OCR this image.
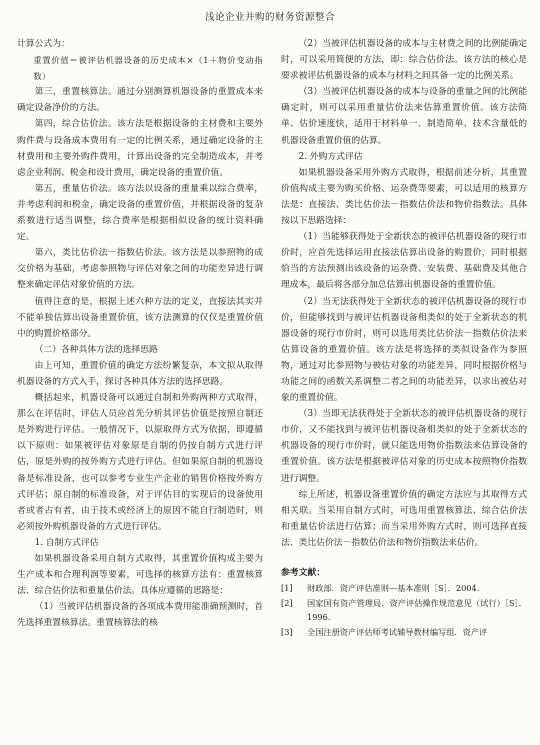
浅论企业并购的财务资源整合

计算公式为：

重置价值＝被评估机器设备的历史成本×（1＋物价变动指数）

第三，重置核算法。通过分别测算机器设备的重置成本来确定设备净价的方法。

第四，综合估价法。该方法是根据设备的主材费和主要外购件费与设备成本费用有一定的比例关系，通过确定设备的主材费用和主要外购件费用，计算出设备的完全制造成本，并考虑企业利润、税金和设计费用，确定设备的重置价值。

第五，重量估价法。该方法以设备的重量乘以综合费率，并考虑利润和税金，确定设备的重置价值，并根据设备的复杂系数进行适当调整，综合费率是根据相似设备的统计资料确定。

第六，类比估价法－指数估价法。该方法是以参照物的成交价格为基础，考虑参照物与评估对象之间的功能差异进行调整来确定评估对象价值的方法。

值得注意的是，根据上述六种方法的定义，直接法其实并不能单独估算出设备重置价值，该方法测算的仅仅是重置价值中的购置价格部分。

（二）各种具体方法的选择思路

由上可知，重置价值的确定方法纷繁复杂，本文拟从取得机器设备的方式入手，探讨各种具体方法的选择思路。

概括起来，机器设备可以通过自制和外购两种方式取得，那么在评估时，评估人员应首先分析其评估价值是按照自制还是外购进行评估。一般情况下，以原取得方式为依据，即遵循以下原则：如果被评估对象原是自制的仍按自制方式进行评估，原是外购的按外购方式进行评估。但如果原自制的机器设备是标准设备，也可以参考专业生产企业的销售价格按外购方式评估；原自制的标准设备，对于评估目的实现后的设备使用者或者占有者，由于技术或经济上的原因不能自行制造时，则必须按外购机器设备的方式进行评估。

1. 自制方式评估

如果机器设备采用自制方式取得，其重置价值构成主要为生产成本和合理利润等要素，可选择的核算方法有：重置核算法、综合估价法和重量估价法。具体应遵循的思路是：

（1）当被评估机器设备的各项成本费用能准确预测时，首先选择重置核算法。重置核算法的核

（2）当被评估机器设备的成本与主材费之间的比例能确定时，可以采用简便的方法，即：综合估价法。该方法的核心是要求被评估机器设备的成本与材料之间具备一定的比例关系。

（3）当被评估机器设备的成本与设备的重量之间的比例能确定时，则可以采用重量估价法来估算重置价值。该方法简单、估价速度快，适用于材料单一、制造简单、技术含量低的机器设备重置价值的估算。

2. 外购方式评估

如果机器设备采用外购方式取得，根据前述分析，其重置价值构成主要为购买价格、运杂费等要素，可以适用的核算方法是：直接法、类比估价法－指数估价法和物价指数法。具体按以下思路选择：

（1）当能够获得处于全新状态的被评估机器设备的现行市价时，应首先选择运用直接法估算出设备的购置价，同时根据恰当的方法预测出该设备的运杂费、安装费、基础费及其他合理成本，最后将各部分加总估算出机器设备的重置价值。

（2）当无法获得处于全新状态的被评估机器设备的现行市价，但能够找到与被评估机器设备相类似的处于全新状态的机器设备的现行市价时，则可以选用类比估价法－指数估价法来估算设备的重置价值。该方法是将选择的类似设备作为参照物，通过对比参照物与被估对象的功能差异，同时根据价格与功能之间的函数关系调整二者之间的功能差异，以求出被估对象的重置价值。

（3）当即无法获得处于全新状态的被评估机器设备的现行市价，又不能找到与被评估机器设备相类似的处于全新状态的机器设备的现行市价时，就只能选用物价指数法来估算设备的重置价值。该方法是根据被评估对象的历史成本按照物价指数进行调整。

综上所述，机器设备重置价值的确定方法应与其取得方式相关联。当采用自制方式时，可选用重置核算法、综合估价法和重量估价法进行估算；而当采用外购方式时，则可选择直接法、类比估价法－指数估价法和物价指数法来估价。

参考文献：

[1] 财政部．资产评估准则—基本准则［S］．2004.

[2] 国家国有资产管理局．资产评估操作规范意见（试行）［S］．1996.

[3] 全国注册资产评估师考试辅导教材编写组．资产评
